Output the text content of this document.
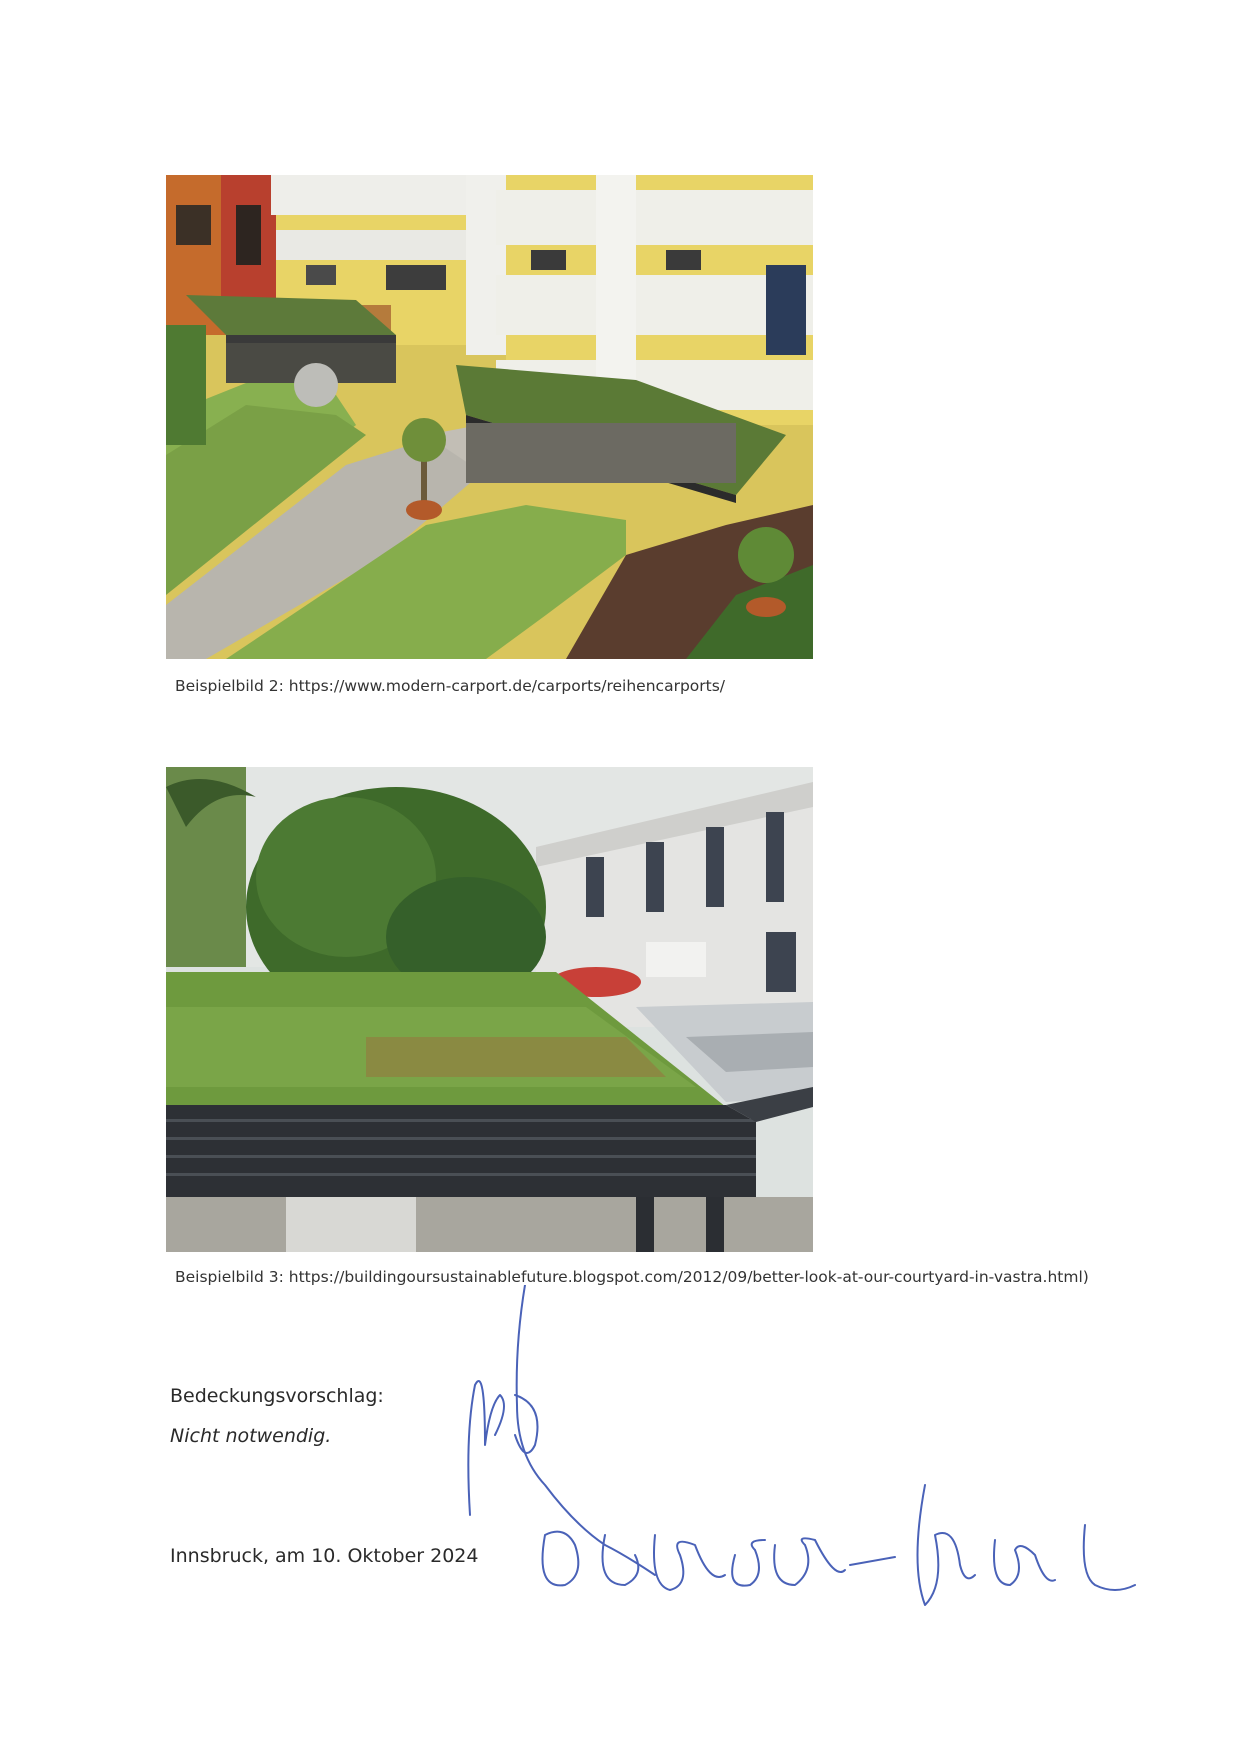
Beispielbild 2: https://www.modern-carport.de/carports/reihencarports/
Beispielbild 3: https://buildingoursustainablefuture.blogspot.com/2012/09/better-look-at-our-courtyard-in-vastra.html)
Bedeckungsvorschlag:
Nicht notwendig.
Innsbruck, am 10. Oktober 2024
